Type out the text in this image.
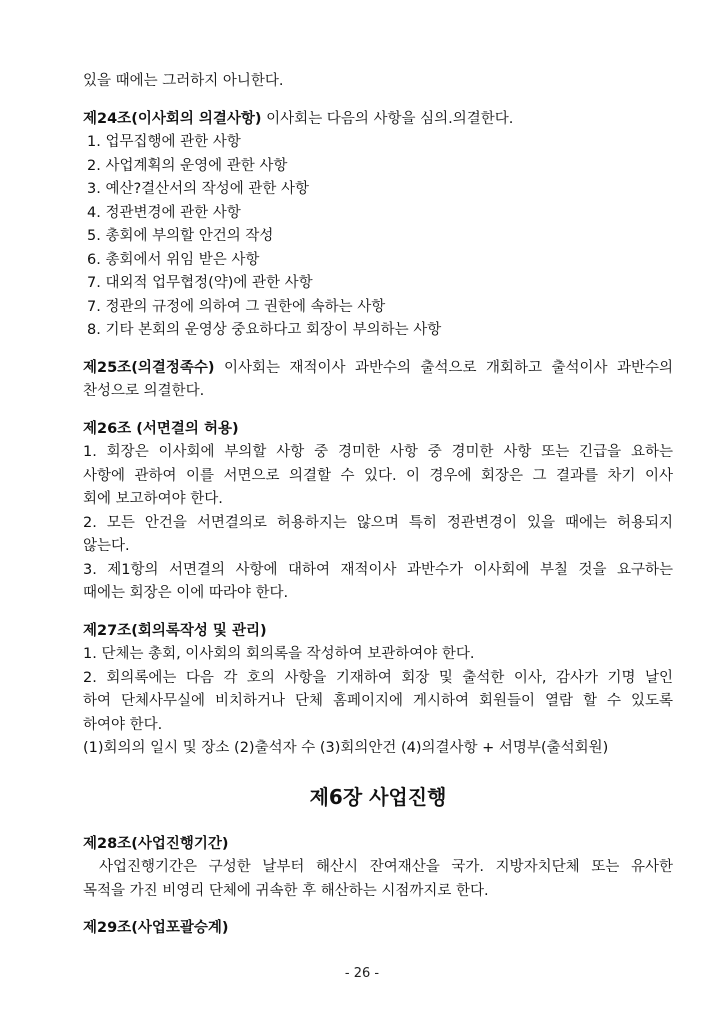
있을 때에는 그러하지 아니한다.
제24조(이사회의 의결사항) 이사회는 다음의 사항을 심의.의결한다.
1. 업무집행에 관한 사항
2. 사업계획의 운영에 관한 사항
3. 예산?결산서의 작성에 관한 사항
4. 정관변경에 관한 사항
5. 총회에 부의할 안건의 작성
6. 총회에서 위임 받은 사항
7. 대외적 업무협정(약)에 관한 사항
7. 정관의 규정에 의하여 그 권한에 속하는 사항
8. 기타 본회의 운영상 중요하다고 회장이 부의하는 사항
제25조(의결정족수) 이사회는 재적이사 과반수의 출석으로 개회하고 출석이사 과반수의
찬성으로 의결한다.
제26조 (서면결의 허용)
1. 회장은 이사회에 부의할 사항 중 경미한 사항 중 경미한 사항 또는 긴급을 요하는
사항에 관하여 이를 서면으로 의결할 수 있다. 이 경우에 회장은 그 결과를 차기 이사
회에 보고하여야 한다.
2. 모든 안건을 서면결의로 허용하지는 않으며 특히 정관변경이 있을 때에는 허용되지
않는다.
3. 제1항의 서면결의 사항에 대하여 재적이사 과반수가 이사회에 부칠 것을 요구하는
때에는 회장은 이에 따라야 한다.
제27조(회의록작성 및 관리)
1. 단체는 총회, 이사회의 회의록을 작성하여 보관하여야 한다.
2. 회의록에는 다음 각 호의 사항을 기재하여 회장 및 출석한 이사, 감사가 기명 날인
하여 단체사무실에 비치하거나 단체 홈페이지에 게시하여 회원들이 열람 할 수 있도록
하여야 한다.
(1)회의의 일시 및 장소 (2)출석자 수 (3)회의안건 (4)의결사항 + 서명부(출석회원)
제6장 사업진행
제28조(사업진행기간)
사업진행기간은 구성한 날부터 해산시 잔여재산을 국가. 지방자치단체 또는 유사한
목적을 가진 비영리 단체에 귀속한 후 해산하는 시점까지로 한다.
제29조(사업포괄승계)
- 26 -
